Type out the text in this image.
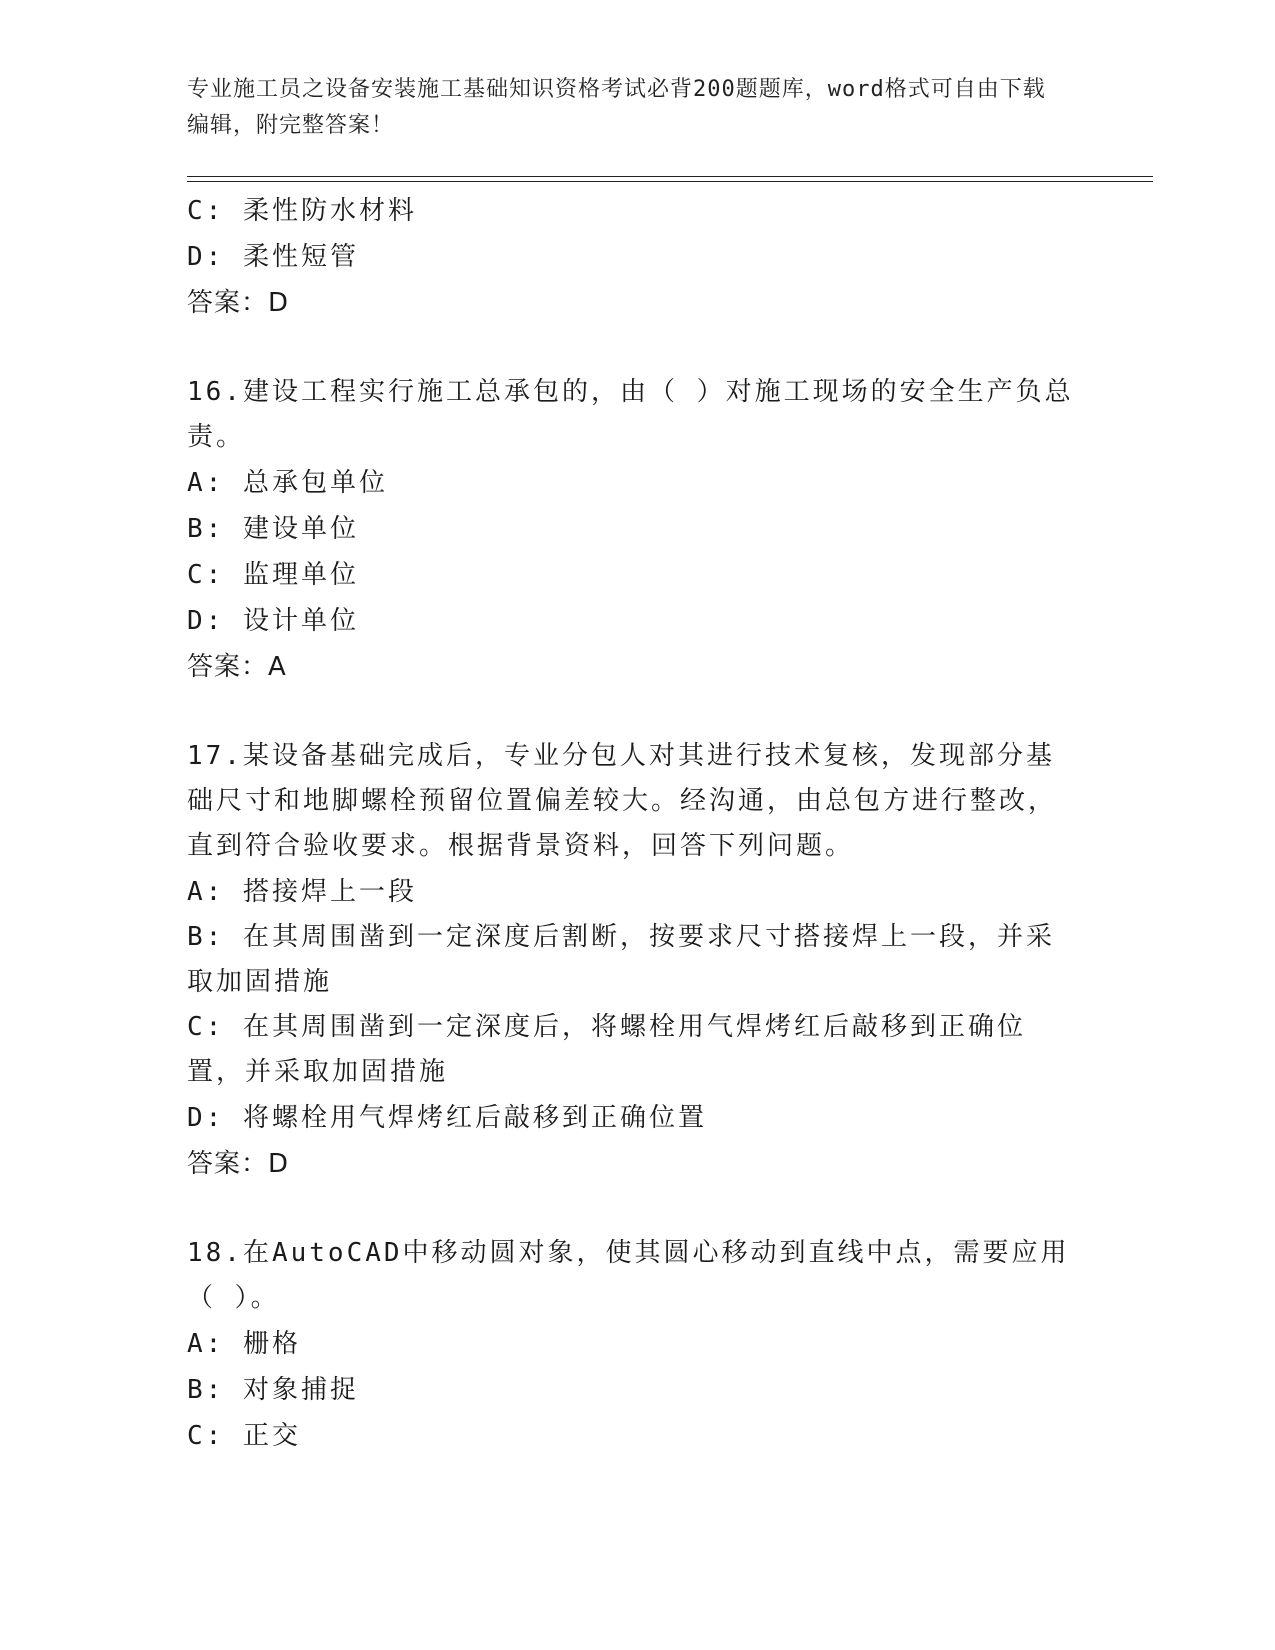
专业施工员之设备安装施工基础知识资格考试必背200题题库，word格式可自由下载编辑，附完整答案！
C: 柔性防水材料
D: 柔性短管
答案：D
16.建设工程实行施工总承包的，由（ ）对施工现场的安全生产负总责。
A: 总承包单位
B: 建设单位
C: 监理单位
D: 设计单位
答案：A
17.某设备基础完成后，专业分包人对其进行技术复核，发现部分基础尺寸和地脚螺栓预留位置偏差较大。经沟通，由总包方进行整改，直到符合验收要求。根据背景资料，回答下列问题。
A: 搭接焊上一段
B: 在其周围凿到一定深度后割断，按要求尺寸搭接焊上一段，并采取加固措施
C: 在其周围凿到一定深度后，将螺栓用气焊烤红后敲移到正确位置，并采取加固措施
D: 将螺栓用气焊烤红后敲移到正确位置
答案：D
18.在AutoCAD中移动圆对象，使其圆心移动到直线中点，需要应用（ ）。
A: 栅格
B: 对象捕捉
C: 正交
